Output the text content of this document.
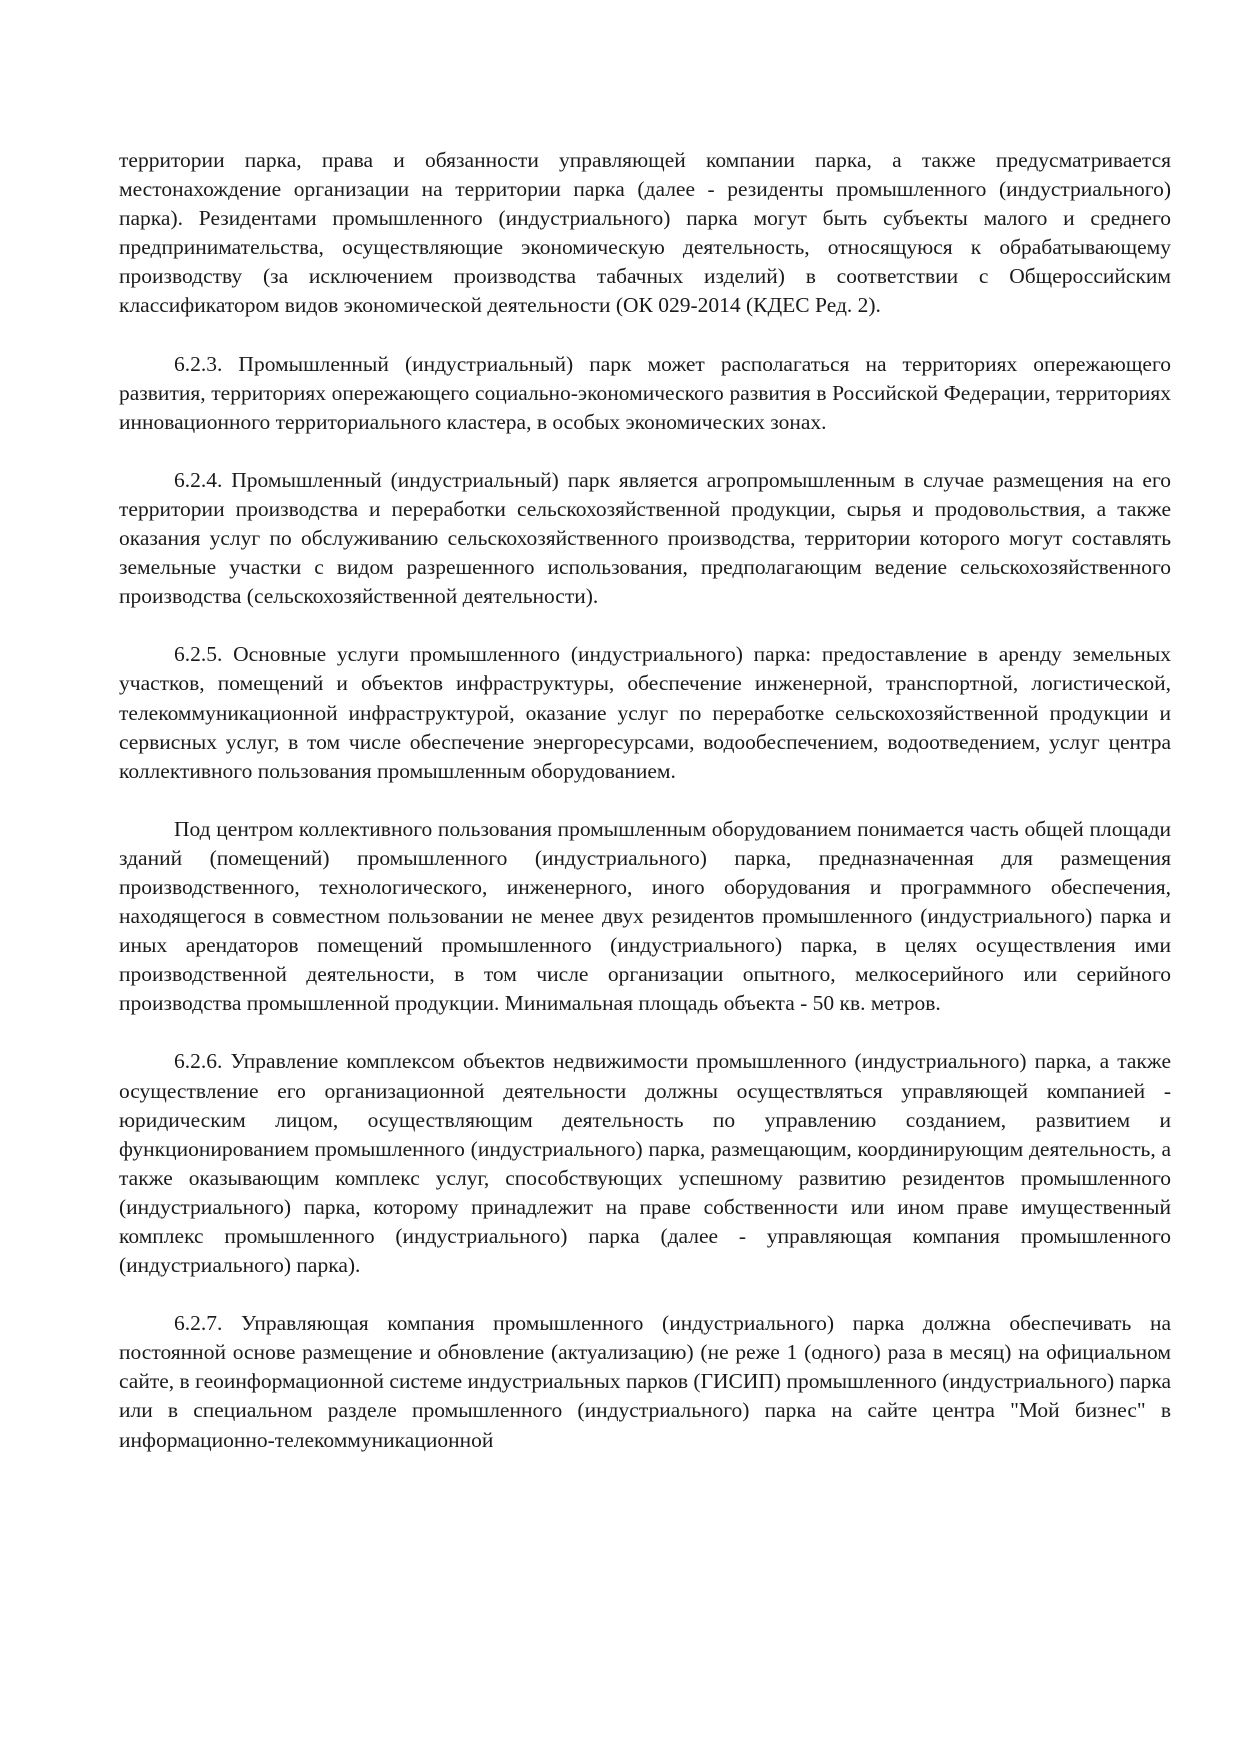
территории парка, права и обязанности управляющей компании парка, а также предусматривается местонахождение организации на территории парка (далее - резиденты промышленного (индустриального) парка). Резидентами промышленного (индустриального) парка могут быть субъекты малого и среднего предпринимательства, осуществляющие экономическую деятельность, относящуюся к обрабатывающему производству (за исключением производства табачных изделий) в соответствии с Общероссийским классификатором видов экономической деятельности (ОК 029-2014 (КДЕС Ред. 2).

6.2.3. Промышленный (индустриальный) парк может располагаться на территориях опережающего развития, территориях опережающего социально-экономического развития в Российской Федерации, территориях инновационного территориального кластера, в особых экономических зонах.

6.2.4. Промышленный (индустриальный) парк является агропромышленным в случае размещения на его территории производства и переработки сельскохозяйственной продукции, сырья и продовольствия, а также оказания услуг по обслуживанию сельскохозяйственного производства, территории которого могут составлять земельные участки с видом разрешенного использования, предполагающим ведение сельскохозяйственного производства (сельскохозяйственной деятельности).

6.2.5. Основные услуги промышленного (индустриального) парка: предоставление в аренду земельных участков, помещений и объектов инфраструктуры, обеспечение инженерной, транспортной, логистической, телекоммуникационной инфраструктурой, оказание услуг по переработке сельскохозяйственной продукции и сервисных услуг, в том числе обеспечение энергоресурсами, водообеспечением, водоотведением, услуг центра коллективного пользования промышленным оборудованием.

Под центром коллективного пользования промышленным оборудованием понимается часть общей площади зданий (помещений) промышленного (индустриального) парка, предназначенная для размещения производственного, технологического, инженерного, иного оборудования и программного обеспечения, находящегося в совместном пользовании не менее двух резидентов промышленного (индустриального) парка и иных арендаторов помещений промышленного (индустриального) парка, в целях осуществления ими производственной деятельности, в том числе организации опытного, мелкосерийного или серийного производства промышленной продукции. Минимальная площадь объекта - 50 кв. метров.

6.2.6. Управление комплексом объектов недвижимости промышленного (индустриального) парка, а также осуществление его организационной деятельности должны осуществляться управляющей компанией - юридическим лицом, осуществляющим деятельность по управлению созданием, развитием и функционированием промышленного (индустриального) парка, размещающим, координирующим деятельность, а также оказывающим комплекс услуг, способствующих успешному развитию резидентов промышленного (индустриального) парка, которому принадлежит на праве собственности или ином праве имущественный комплекс промышленного (индустриального) парка (далее - управляющая компания промышленного (индустриального) парка).

6.2.7. Управляющая компания промышленного (индустриального) парка должна обеспечивать на постоянной основе размещение и обновление (актуализацию) (не реже 1 (одного) раза в месяц) на официальном сайте, в геоинформационной системе индустриальных парков (ГИСИП) промышленного (индустриального) парка или в специальном разделе промышленного (индустриального) парка на сайте центра "Мой бизнес" в информационно-телекоммуникационной
